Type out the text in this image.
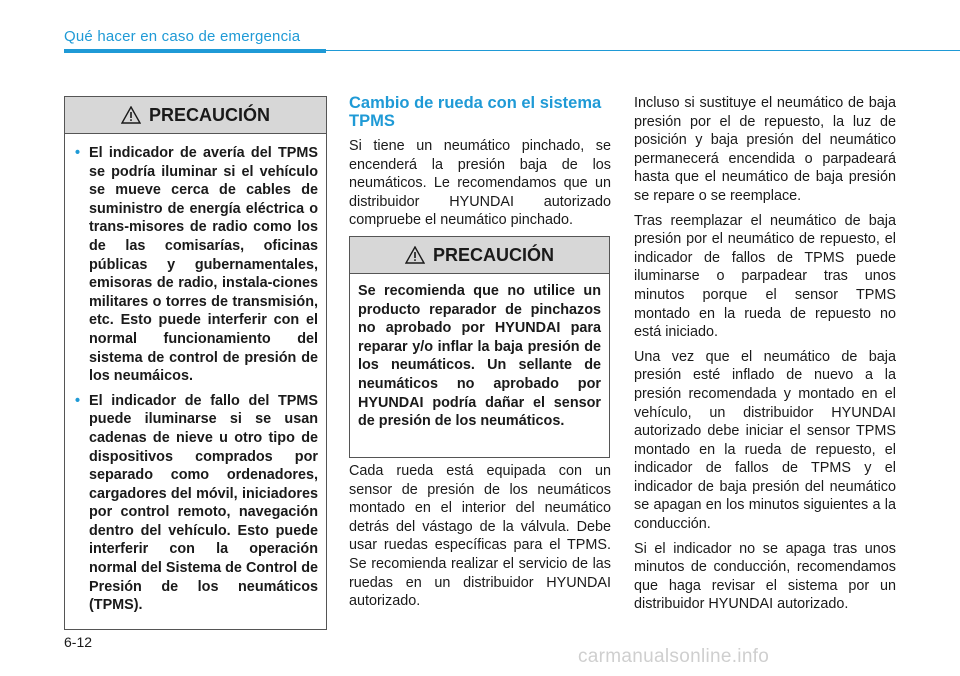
Qué hacer en caso de emergencia
PRECAUCIÓN
• El indicador de avería del TPMS se podría iluminar si el vehículo se mueve cerca de cables de suministro de energía eléctrica o trans-misores de radio como los de las comisarías, oficinas públicas y gubernamentales, emisoras de radio, instala-ciones militares o torres de transmisión, etc. Esto puede interferir con el normal funcionamiento del sistema de control de presión de los neumáicos.
• El indicador de fallo del TPMS puede iluminarse si se usan cadenas de nieve u otro tipo de dispositivos comprados por separado como ordenadores, cargadores del móvil, iniciadores por control remoto, navegación dentro del vehículo. Esto puede interferir con la operación normal del Sistema de Control de Presión de los neumáticos (TPMS).
Cambio de rueda con el sistema TPMS

Si tiene un neumático pinchado, se encenderá la presión baja de los neumáticos. Le recomendamos que un distribuidor HYUNDAI autorizado compruebe el neumático pinchado.

PRECAUCIÓN

Se recomienda que no utilice un producto reparador de pinchazos no aprobado por HYUNDAI para reparar y/o inflar la baja presión de los neumáticos. Un sellante de neumáticos no aprobado por HYUNDAI podría dañar el sensor de presión de los neumáticos.

Cada rueda está equipada con un sensor de presión de los neumáticos montado en el interior del neumático detrás del vástago de la válvula. Debe usar ruedas específicas para el TPMS. Se recomienda realizar el servicio de las ruedas en un distribuidor HYUNDAI autorizado.

Incluso si sustituye el neumático de baja presión por el de repuesto, la luz de posición y baja presión del neumático permanecerá encendida o parpadeará hasta que el neumático de baja presión se repare o se reemplace.

Tras reemplazar el neumático de baja presión por el neumático de repuesto, el indicador de fallos de TPMS puede iluminarse o parpadear tras unos minutos porque el sensor TPMS montado en la rueda de repuesto no está iniciado.

Una vez que el neumático de baja presión esté inflado de nuevo a la presión recomendada y montado en el vehículo, un distribuidor HYUNDAI autorizado debe iniciar el sensor TPMS montado en la rueda de repuesto, el indicador de fallos de TPMS y el indicador de baja presión del neumático se apagan en los minutos siguientes a la conducción.

Si el indicador no se apaga tras unos minutos de conducción, recomendamos que haga revisar el sistema por un distribuidor HYUNDAI autorizado.

6-12
carmanualsonline.info
